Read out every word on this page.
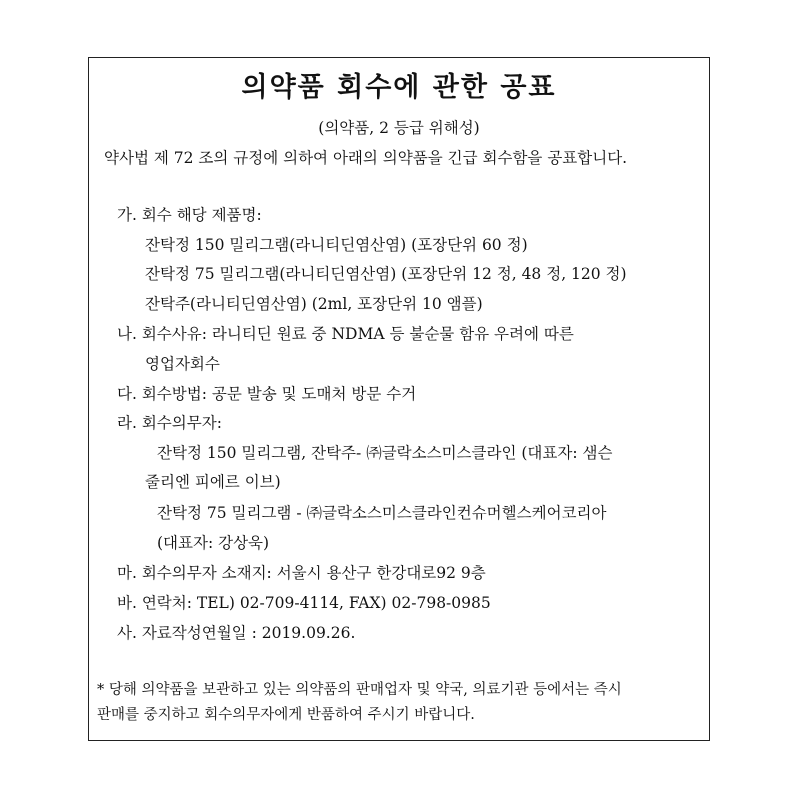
의약품 회수에 관한 공표
(의약품, 2 등급 위해성)
약사법 제 72 조의 규정에 의하여 아래의 의약품을 긴급 회수함을 공표합니다.
가. 회수 해당 제품명:
잔탁정 150 밀리그램(라니티딘염산염) (포장단위 60 정)
잔탁정 75 밀리그램(라니티딘염산염) (포장단위 12 정, 48 정, 120 정)
잔탁주(라니티딘염산염) (2ml, 포장단위 10 앰플)
나. 회수사유: 라니티딘 원료 중 NDMA 등 불순물 함유 우려에 따른
영업자회수
다. 회수방법: 공문 발송 및 도매처 방문 수거
라. 회수의무자:
잔탁정 150 밀리그램, 잔탁주- ㈜글락소스미스클라인 (대표자: 샘슨
줄리엔 피에르 이브)
잔탁정 75 밀리그램 - ㈜글락소스미스클라인컨슈머헬스케어코리아
(대표자: 강상욱)
마. 회수의무자 소재지: 서울시 용산구 한강대로92 9층
바. 연락처: TEL) 02-709-4114, FAX) 02-798-0985
사. 자료작성연월일 : 2019.09.26.
* 당해 의약품을 보관하고 있는 의약품의 판매업자 및 약국, 의료기관 등에서는 즉시
판매를 중지하고 회수의무자에게 반품하여 주시기 바랍니다.
